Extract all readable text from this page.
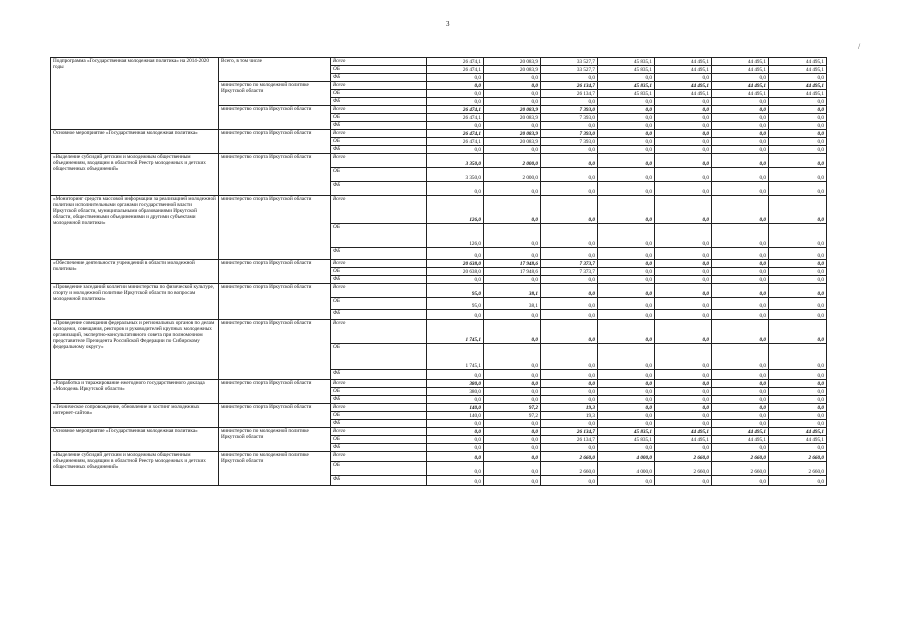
3
/
Подпрограмма «Государственная молодежная политика» на 2014-2020 годы	Всего, в том числе	Всего	26 474,1	20 083,9	33 527,7	45 835,1	44 495,1	44 495,1	44 495,1
		ОБ	26 474,1	20 083,9	33 527,7	45 835,1	44 495,1	44 495,1	44 495,1
		ФБ	0,0	0,0	0,0	0,0	0,0	0,0	0,0
	министерство по молодежной политике Иркутской области	Всего	0,0	0,0	26 134,7	45 835,1	44 495,1	44 495,1	44 495,1
		ОБ	0,0	0,0	26 134,7	45 835,1	44 495,1	44 495,1	44 495,1
		ФБ	0,0	0,0	0,0	0,0	0,0	0,0	0,0
	министерство спорта Иркутской области	Всего	26 474,1	20 083,9	7 393,0	0,0	0,0	0,0	0,0
		ОБ	26 474,1	20 083,9	7 393,0	0,0	0,0	0,0	0,0
		ФБ	0,0	0,0	0,0	0,0	0,0	0,0	0,0
Основное мероприятие «Государственная молодежная политика»	министерство спорта Иркутской области	Всего	26 474,1	20 083,9	7 393,0	0,0	0,0	0,0	0,0
		ОБ	26 474,1	20 083,9	7 393,0	0,0	0,0	0,0	0,0
		ФБ	0,0	0,0	0,0	0,0	0,0	0,0	0,0
«Выделение субсидий детским и молодежным общественным объединениям, входящим в областной Реестр молодежных и детских общественных объединений»	министерство спорта Иркутской области	Всего	3 350,0	2 000,0	0,0	0,0	0,0	0,0	0,0
		ОБ	3 350,0	2 000,0	0,0	0,0	0,0	0,0	0,0
		ФБ	0,0	0,0	0,0	0,0	0,0	0,0	0,0
«Мониторинг средств массовой информации за реализацией молодежной политики исполнительными органами государственной власти Иркутской области, муниципальными образованиями Иркутской области, общественными объединениями и другими субъектами молодежной политики»	министерство спорта Иркутской области	Всего	126,0	0,0	0,0	0,0	0,0	0,0	0,0
		ОБ	126,0	0,0	0,0	0,0	0,0	0,0	0,0
		ФБ	0,0	0,0	0,0	0,0	0,0	0,0	0,0
«Обеспечение деятельности учреждений в области молодежной политики»	министерство спорта Иркутской области	Всего	20 638,0	17 948,6	7 373,7	0,0	0,0	0,0	0,0
		ОБ	20 638,0	17 948,6	7 373,7	0,0	0,0	0,0	0,0
		ФБ	0,0	0,0	0,0	0,0	0,0	0,0	0,0
«Проведение заседаний коллегии министерства по физической культуре, спорту и молодежной политике Иркутской области по вопросам молодежной политики»	министерство спорта Иркутской области	Всего	95,0	38,1	0,0	0,0	0,0	0,0	0,0
		ОБ	95,0	38,1	0,0	0,0	0,0	0,0	0,0
		ФБ	0,0	0,0	0,0	0,0	0,0	0,0	0,0
«Проведение совещания федеральных и региональных органов по делам молодежи, совещания, ректоров и руководителей крупных молодежных организаций, экспертно-консультативного совета при полномочном представителе Президента Российской Федерации по Сибирскому федеральному округу»	министерство спорта Иркутской области	Всего	1 745,1	0,0	0,0	0,0	0,0	0,0	0,0
		ОБ	1 745,1	0,0	0,0	0,0	0,0	0,0	0,0
		ФБ	0,0	0,0	0,0	0,0	0,0	0,0	0,0
«Разработка и тиражирование ежегодного государственного доклада «Молодежь Иркутской области»	министерство спорта Иркутской области	Всего	380,0	0,0	0,0	0,0	0,0	0,0	0,0
		ОБ	380,0	0,0	0,0	0,0	0,0	0,0	0,0
		ФБ	0,0	0,0	0,0	0,0	0,0	0,0	0,0
«Техническое сопровождение, обновление и хостинг молодежных интернет-сайтов»	министерство спорта Иркутской области	Всего	140,0	97,2	19,3	0,0	0,0	0,0	0,0
		ОБ	140,0	97,2	19,3	0,0	0,0	0,0	0,0
		ФБ	0,0	0,0	0,0	0,0	0,0	0,0	0,0
Основное мероприятие «Государственная молодежная политика»	министерство по молодежной политике Иркутской области	Всего	0,0	0,0	26 134,7	45 835,1	44 495,1	44 495,1	44 495,1
		ОБ	0,0	0,0	26 134,7	45 835,1	44 495,1	44 495,1	44 495,1
		ФБ	0,0	0,0	0,0	0,0	0,0	0,0	0,0
«Выделение субсидий детским и молодежным общественным объединениям, входящим в областной Реестр молодежных и детских общественных объединений»	министерство по молодежной политике Иркутской области	Всего	0,0	0,0	2 660,0	4 000,0	2 660,0	2 660,0	2 660,0
		ОБ	0,0	0,0	2 660,0	4 000,0	2 660,0	2 660,0	2 660,0
		ФБ	0,0	0,0	0,0	0,0	0,0	0,0	0,0
